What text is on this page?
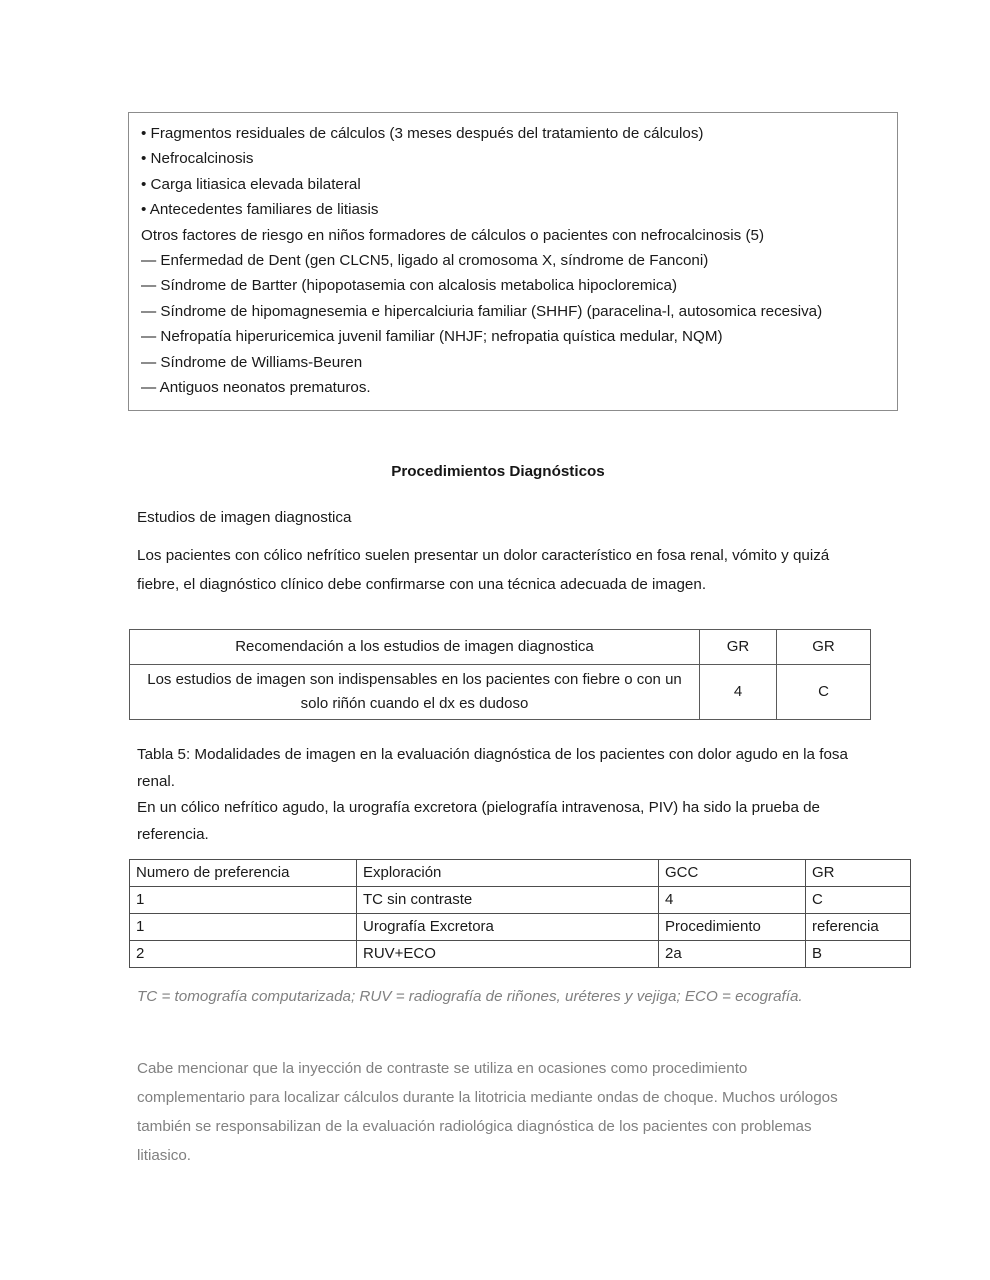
• Fragmentos residuales de cálculos (3 meses después del tratamiento de cálculos)
• Nefrocalcinosis
• Carga litiasica elevada bilateral
• Antecedentes familiares de litiasis
Otros factores de riesgo en niños formadores de cálculos o pacientes con nefrocalcinosis (5)
— Enfermedad de Dent (gen CLCN5, ligado al cromosoma X, síndrome de Fanconi)
— Síndrome de Bartter (hipopotasemia con alcalosis metabolica hipocloremica)
— Síndrome de hipomagnesemia e hipercalciuria familiar (SHHF) (paracelina-l, autosomica recesiva)
— Nefropatía hiperuricemica juvenil familiar (NHJF; nefropatia quística medular, NQM)
— Síndrome de Williams-Beuren
— Antiguos neonatos prematuros.
Procedimientos Diagnósticos
Estudios de imagen diagnostica
Los pacientes con cólico nefrítico suelen presentar un dolor característico en fosa renal, vómito y quizá fiebre, el diagnóstico clínico debe confirmarse con una técnica adecuada de imagen.
Recomendación a los estudios de imagen diagnostica	GR	GR
Los estudios de imagen son indispensables en los pacientes con fiebre o con un solo riñón cuando el dx es dudoso	4	C
Tabla 5: Modalidades de imagen en la evaluación diagnóstica de los pacientes con dolor agudo en la fosa renal.
En un cólico nefrítico agudo, la urografía excretora (pielografía intravenosa, PIV) ha sido la prueba de referencia.
Numero de preferencia	Exploración	GCC	GR
1	TC sin contraste	4	C
1	Urografía Excretora	Procedimiento	referencia
2	RUV+ECO	2a	B
TC = tomografía computarizada; RUV = radiografía de riñones, uréteres y vejiga; ECO = ecografía.
Cabe mencionar que la inyección de contraste se utiliza en ocasiones como procedimiento complementario para localizar cálculos durante la litotricia mediante ondas de choque. Muchos urólogos también se responsabilizan de la evaluación radiológica diagnóstica de los pacientes con problemas litiasico.
